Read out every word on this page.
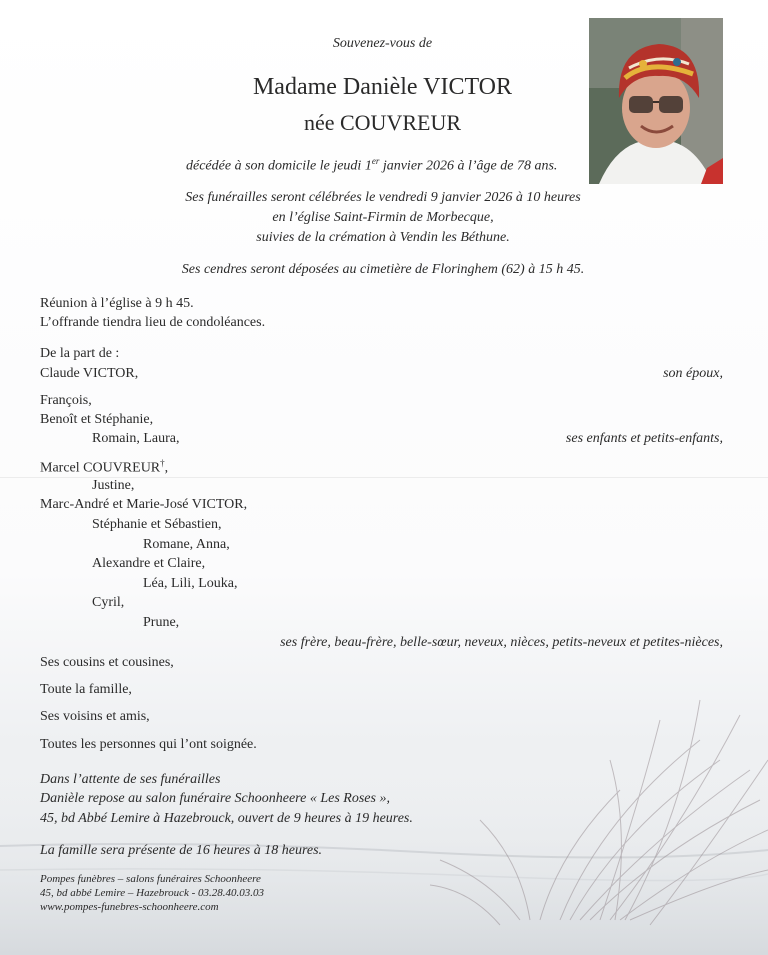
Souvenez-vous de
Madame Danièle VICTOR
née COUVREUR
décédée à son domicile le jeudi 1er janvier 2026 à l’âge de 78 ans.
Ses funérailles seront célébrées le vendredi 9 janvier 2026 à 10 heures
en l’église Saint-Firmin de Morbecque,
suivies de la crémation à Vendin les Béthune.
Ses cendres seront déposées au cimetière de Floringhem (62) à 15 h 45.
Réunion à l’église à 9 h 45.
L’offrande tiendra lieu de condoléances.
De la part de :
Claude VICTOR,	son époux,
François,
Benoît et Stéphanie,
Romain, Laura,	ses enfants et petits-enfants,
Marcel COUVREUR†,
Justine,
Marc-André et Marie-José VICTOR,
Stéphanie et Sébastien,
Romane, Anna,
Alexandre et Claire,
Léa, Lili, Louka,
Cyril,
Prune,
ses frère, beau-frère, belle-sœur, neveux, nièces, petits-neveux et petites-nièces,
Ses cousins et cousines,
Toute la famille,
Ses voisins et amis,
Toutes les personnes qui l’ont soignée.
Dans l’attente de ses funérailles
Danièle repose au salon funéraire Schoonheere « Les Roses »,
45, bd Abbé Lemire à Hazebrouck, ouvert de 9 heures à 19 heures.
La famille sera présente de 16 heures à 18 heures.
Pompes funèbres – salons funéraires Schoonheere
45, bd abbé Lemire – Hazebrouck - 03.28.40.03.03
www.pompes-funebres-schoonheere.com
